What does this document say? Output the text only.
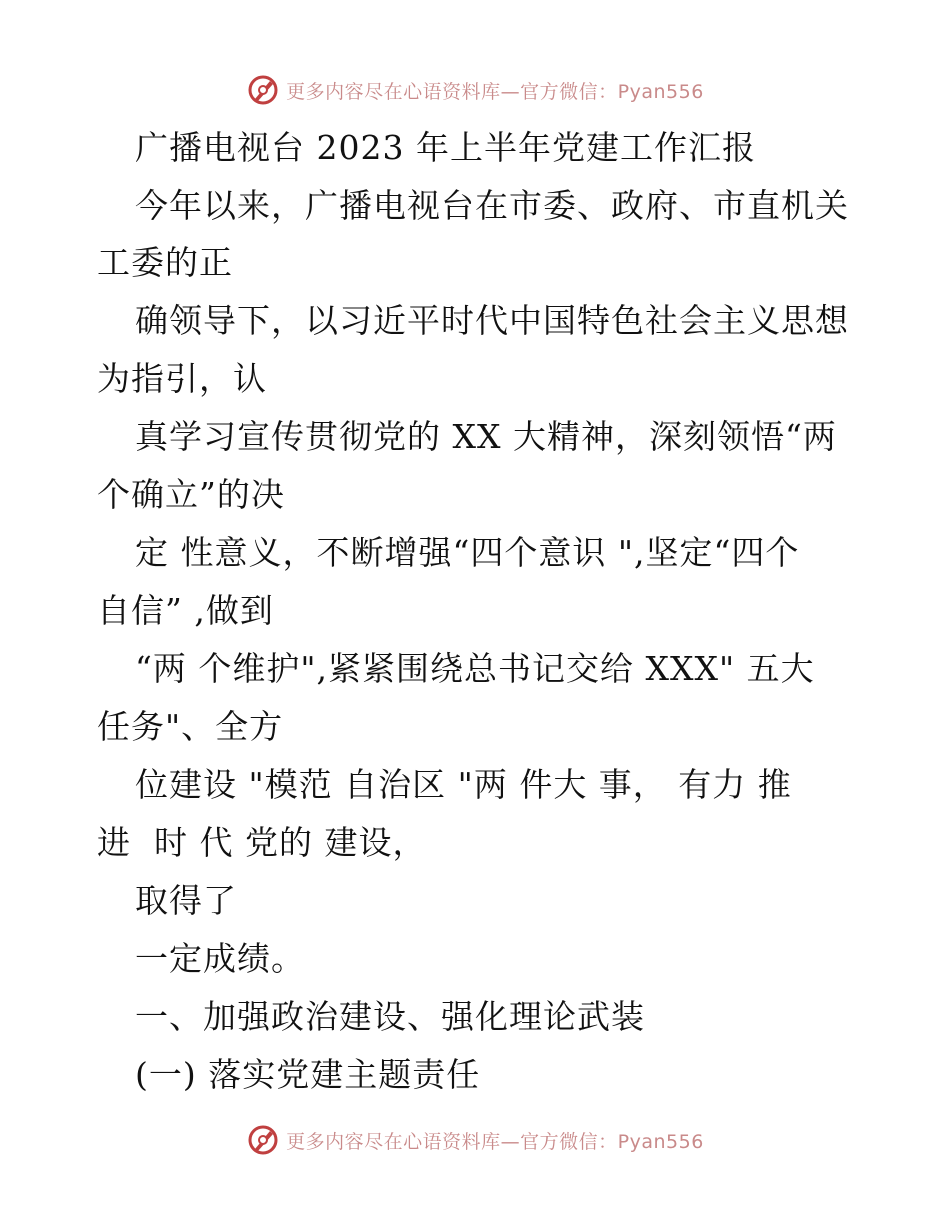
更多内容尽在心语资料库—官方微信：Pyan556
广播电视台 2023 年上半年党建工作汇报
今年以来，广播电视台在市委、政府、市直机关
工委的正
确领导下，以习近平时代中国特色社会主义思想
为指引，认
真学习宣传贯彻党的 XX 大精神，深刻领悟“两
个确立”的决
定 性意义，不断增强“四个意识 ",坚定“四个
自信” ,做到
“两 个维护",紧紧围绕总书记交给 XXX" 五大
任务"、全方
位建设 "模范 自治区 "两 件大 事， 有力 推
进  时 代 党的 建设，
取得了
一定成绩。
一、加强政治建设、强化理论武装
(一) 落实党建主题责任
更多内容尽在心语资料库—官方微信：Pyan556
